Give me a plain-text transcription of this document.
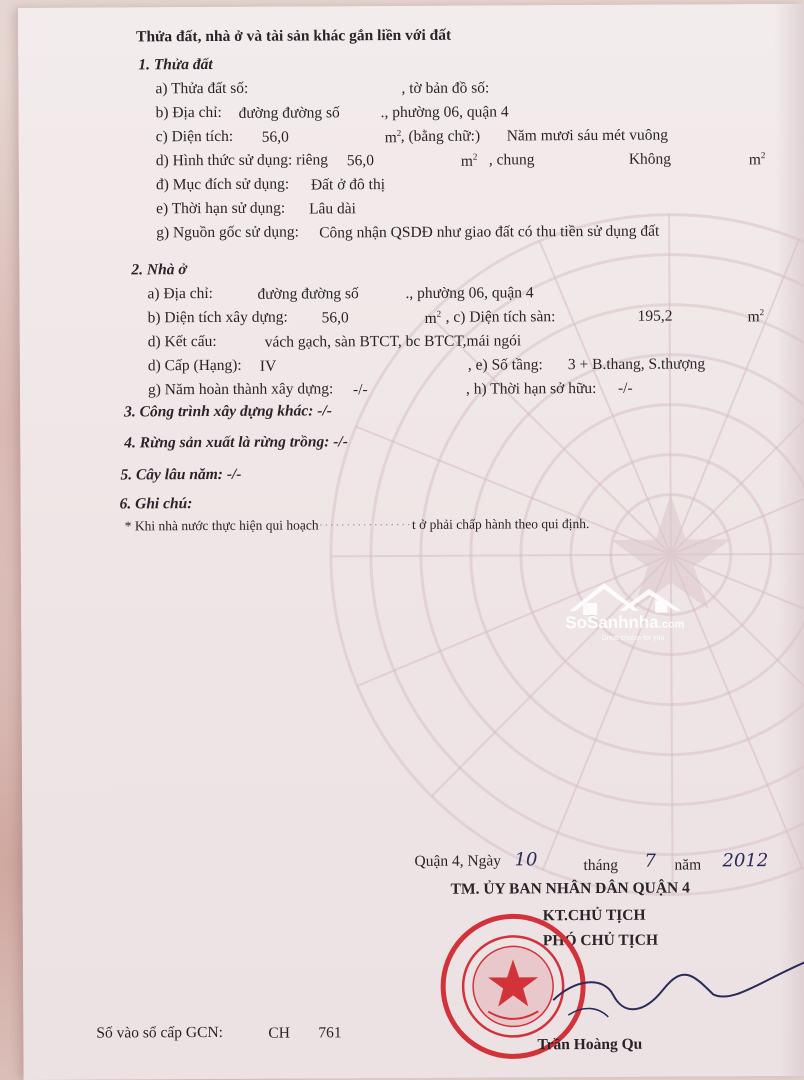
Thửa đất, nhà ở và tài sản khác gắn liền với đất
1. Thửa đất
a) Thửa đất số:	, tờ bản đồ số:
b) Địa chỉ: đường đường số	., phường 06, quận 4
c) Diện tích: 56,0	$m^2$ , (bằng chữ:) Năm mươi sáu mét vuông
d) Hình thức sử dụng: riêng 56,0	$m^2$ , chung	Không	$m^2$
đ) Mục đích sử dụng: Đất ở đô thị
e) Thời hạn sử dụng: Lâu dài
g) Nguồn gốc sử dụng: Công nhận QSDĐ như giao đất có thu tiền sử dụng đất
2. Nhà ở
a) Địa chỉ:	đường đường số	., phường 06, quận 4
b) Diện tích xây dựng: 56,0	$m^2$ , c) Diện tích sàn:	195,2	$m^2$
d) Kết cấu:	vách gạch, sàn BTCT, bc BTCT,mái ngói
d) Cấp (Hạng): IV	, e) Số tầng: 3 + B.thang, S.thượng
g) Năm hoàn thành xây dựng: -/-	, h) Thời hạn sở hữu: -/-
3. Công trình xây dựng khác: -/-
4. Rừng sản xuất là rừng trồng: -/-
5. Cây lâu năm: -/-
6. Ghi chú:
* Khi nhà nước thực hiện qui hoạch·················t ở phải chấp hành theo qui định.
SoSanhnha.com
Great choice for you
Quận 4, Ngày 10	tháng 7 năm 2012
TM. ỦY BAN NHÂN DÂN QUẬN 4
KT.CHỦ TỊCH
PHÓ CHỦ TỊCH
Trần Hoàng Qu
Số vào sổ cấp GCN:	CH 761
